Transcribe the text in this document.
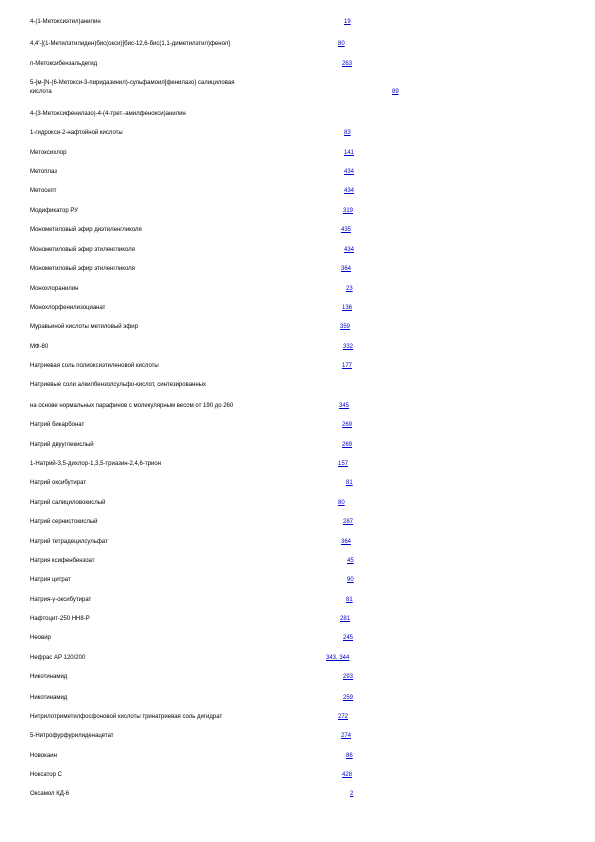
4-(1-Метоксиэтил)анилин	19
4,4'-[(1-Метилэтилиден)бис(окси)]бис-12,6-бис(1,1-диметилэтил)фенол]	80
п-Метоксибензальдегид	263
5-{м-[N-(6-Метокси-3-пиридазинил)-сульфамоил]фенилазо} салициловая
кислота	89
4-(3-Метоксифенилазо)-4-(4-трет.-амилфенокси)анилин
1-гидрокси-2-нафтойной кислоты	83
Метоксихлор	141
Метоплаз	434
Метосепт	434
Модификатор РУ	319
Монометиловый эфир диэтиленгликоля	435
Монометиловый эфир этиленгликоля	434
Монометиловый эфир этиленгликоля	364
Монохлоранилин	23
Монохлорфенилизоцианат	136
Муравьиной кислоты метиловый эфир	359
МФ-80	332
Натриевая соль полиоксиэтиленовой кислоты	177
Натриевые соли алкилбензолсульфо-кислот, синтезированных
на основе нормальных парафинов с молекулярным весом от 190 до 260	345
Натрий бикарбонат	269
Натрий двууглекислый	269
1-Натрий-3,5-дихлор-1,3,5-триазин-2,4,6-трион	157
Натрий оксибутират	81
Натрий салициловокислый	80
Натрий сернистокислый	287
Натрий тетрадецилсульфат	364
Натрия ксифенбензоат	45
Натрия цитрат	90
Натрия-γ-оксибутират	81
Нафтоцит-250 НН8-Р	281
Неовир	245
Нефрас АР 120/200	343, 344
Никотинамид	293
Никотинамид	259
Нитрилотриметилфосфоновой кислоты тринатриевая соль дигидрат	272
5-Нитрофурфурилиденацетат	274
Новокаин	86
Ноксатор С	428
Оксамол КД-6	2
